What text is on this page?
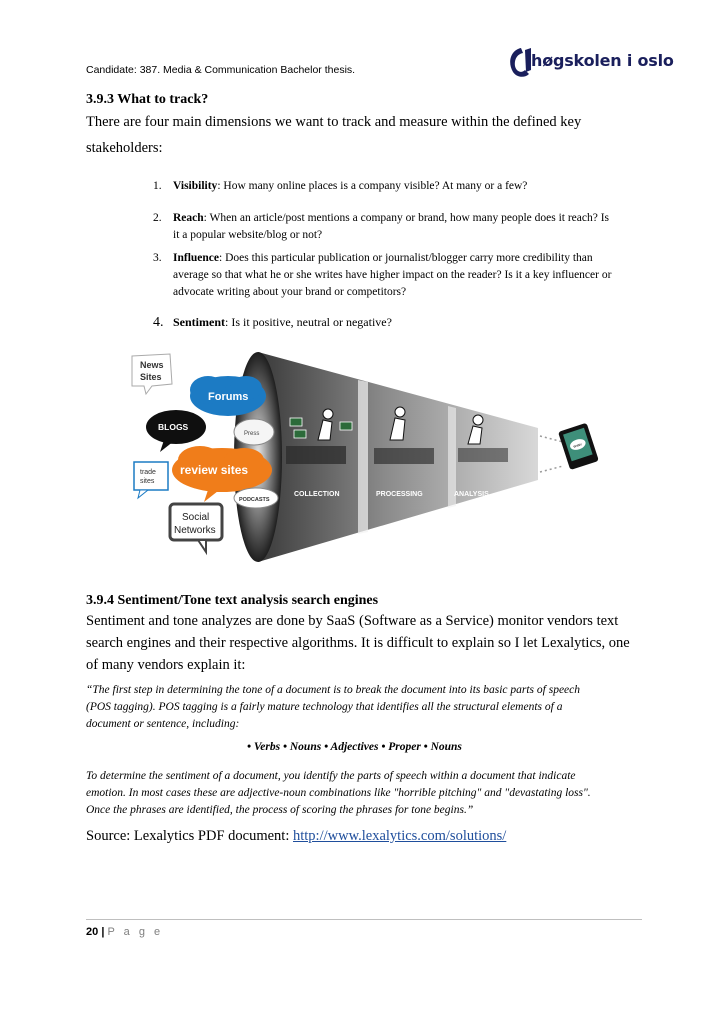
Candidate: 387. Media & Communication Bachelor thesis.	høgskolen i oslo
3.9.3 What to track?
There are four main dimensions we want to track and measure within the defined key
stakeholders:
1. Visibility: How many online places is a company visible? At many or a few?
2. Reach: When an article/post mentions a company or brand, how many people does it reach? Is
it a popular website/blog or not?
3. Influence: Does this particular publication or journalist/blogger carry more credibility than
average so that what he or she writes have higher impact on the reader? Is it a key influencer or
advocate writing about your brand or competitors?
4. Sentiment: Is it positive, neutral or negative?
COLLECTION	PROCESSING	ANALYSIS
www
News
Sites
Forums
BLOGS
Press
trade
sites
review sites
PODCASTS
Social
Networks
3.9.4 Sentiment/Tone text analysis search engines
Sentiment and tone analyzes are done by SaaS (Software as a Service) monitor vendors text
search engines and their respective algorithms. It is difficult to explain so I let Lexalytics, one
of many vendors explain it:
“The first step in determining the tone of a document is to break the document into its basic parts of speech
(POS tagging). POS tagging is a fairly mature technology that identifies all the structural elements of a
document or sentence, including:
• Verbs • Nouns • Adjectives • Proper • Nouns
To determine the sentiment of a document, you identify the parts of speech within a document that indicate
emotion. In most cases these are adjective-noun combinations like "horrible pitching" and "devastating loss".
Once the phrases are identified, the process of scoring the phrases for tone begins.”
Source: Lexalytics PDF document: http://www.lexalytics.com/solutions/
20 | P a g e
